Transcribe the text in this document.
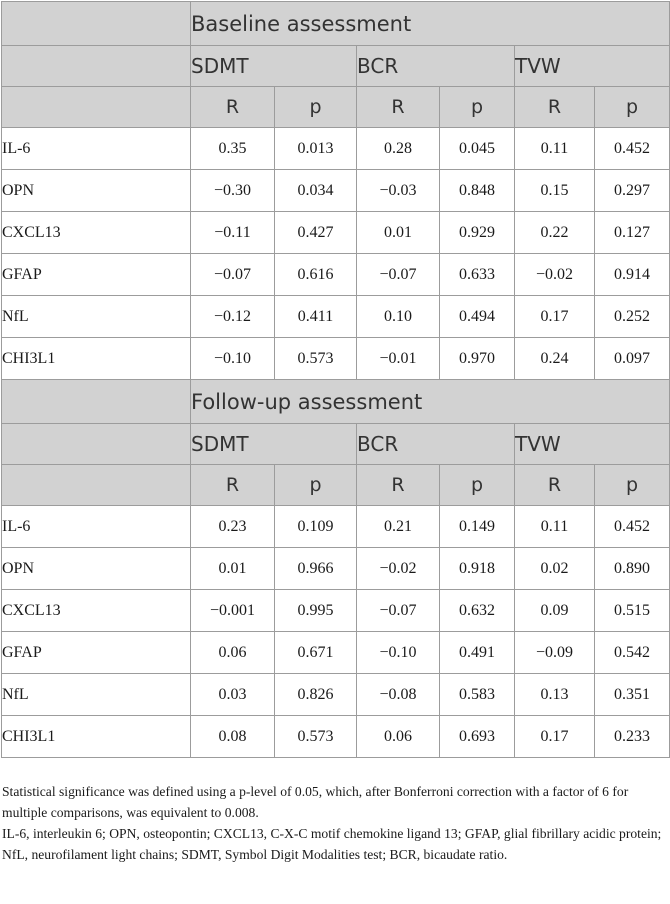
	Baseline assessment					
	SDMT		BCR		TVW	
	R	p	R	p	R	p
IL-6	0.35	0.013	0.28	0.045	0.11	0.452
OPN	−0.30	0.034	−0.03	0.848	0.15	0.297
CXCL13	−0.11	0.427	0.01	0.929	0.22	0.127
GFAP	−0.07	0.616	−0.07	0.633	−0.02	0.914
NfL	−0.12	0.411	0.10	0.494	0.17	0.252
CHI3L1	−0.10	0.573	−0.01	0.970	0.24	0.097
	Follow-up assessment					
	SDMT		BCR		TVW	
	R	p	R	p	R	p
IL-6	0.23	0.109	0.21	0.149	0.11	0.452
OPN	0.01	0.966	−0.02	0.918	0.02	0.890
CXCL13	−0.001	0.995	−0.07	0.632	0.09	0.515
GFAP	0.06	0.671	−0.10	0.491	−0.09	0.542
NfL	0.03	0.826	−0.08	0.583	0.13	0.351
CHI3L1	0.08	0.573	0.06	0.693	0.17	0.233

Statistical significance was defined using a p-level of 0.05, which, after Bonferroni correction with a factor of 6 for multiple comparisons, was equivalent to 0.008.

IL-6, interleukin 6; OPN, osteopontin; CXCL13, C-X-C motif chemokine ligand 13; GFAP, glial fibrillary acidic protein; NfL, neurofilament light chains; SDMT, Symbol Digit Modalities test; BCR, bicaudate ratio.
